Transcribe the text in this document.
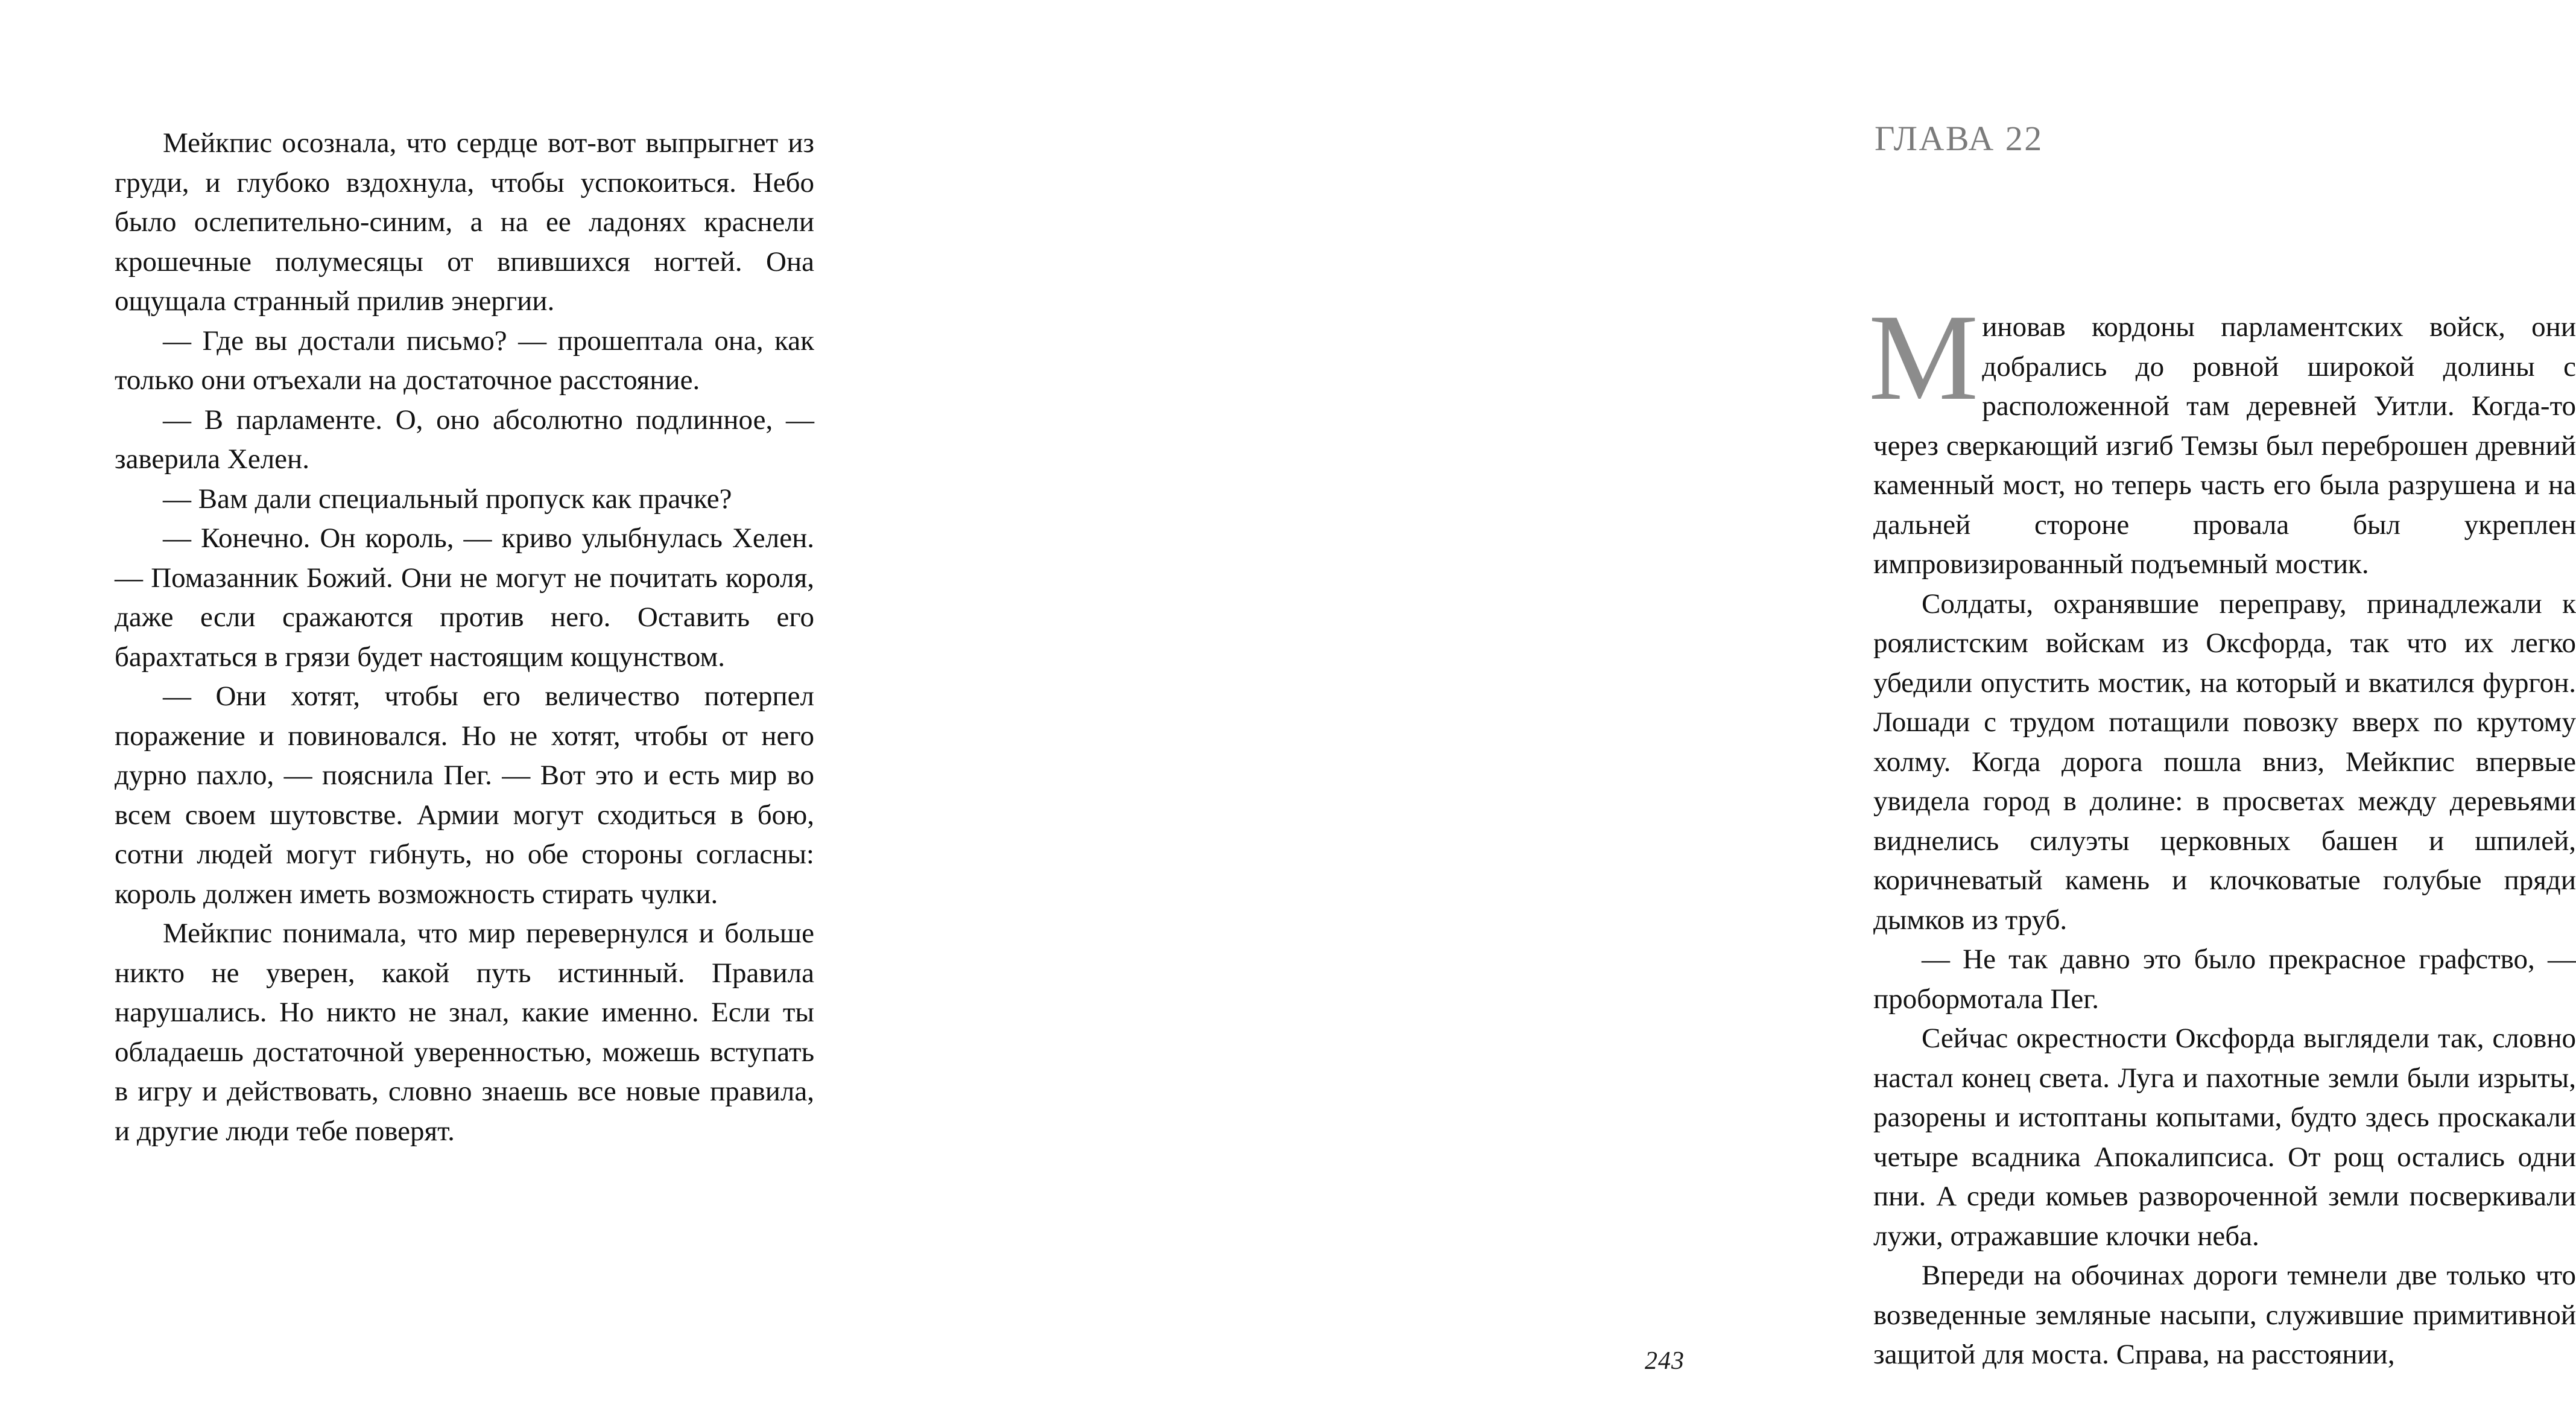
Мейкпис осознала, что сердце вот-вот выпрыгнет из груди, и глубоко вздохнула, чтобы успокоиться. Небо было ослепительно-синим, а на ее ладонях краснели крошечные полумесяцы от впившихся ногтей. Она ощущала странный прилив энергии.

— Где вы достали письмо? — прошептала она, как только они отъехали на достаточное расстояние.

— В парламенте. О, оно абсолютно подлинное, — заверила Хелен.

— Вам дали специальный пропуск как прачке?

— Конечно. Он король, — криво улыбнулась Хелен. — Помазанник Божий. Они не могут не почитать короля, даже если сражаются против него. Оставить его барахтаться в грязи будет настоящим кощунством.

— Они хотят, чтобы его величество потерпел поражение и повиновался. Но не хотят, чтобы от него дурно пахло, — пояснила Пег. — Вот это и есть мир во всем своем шутовстве. Армии могут сходиться в бою, сотни людей могут гибнуть, но обе стороны согласны: король должен иметь возможность стирать чулки.

Мейкпис понимала, что мир перевернулся и больше никто не уверен, какой путь истинный. Правила нарушались. Но никто не знал, какие именно. Если ты обладаешь достаточной уверенностью, можешь вступать в игру и действовать, словно знаешь все новые правила, и другие люди тебе поверят.

ГЛАВА 22

Миновав кордоны парламентских войск, они добрались до ровной широкой долины с расположенной там деревней Уитли. Когда-то через сверкающий изгиб Темзы был переброшен древний каменный мост, но теперь часть его была разрушена и на дальней стороне провала был укреплен импровизированный подъемный мостик.

Солдаты, охранявшие переправу, принадлежали к роялистским войскам из Оксфорда, так что их легко убедили опустить мостик, на который и вкатился фургон. Лошади с трудом потащили повозку вверх по крутому холму. Когда дорога пошла вниз, Мейкпис впервые увидела город в долине: в просветах между деревьями виднелись силуэты церковных башен и шпилей, коричневатый камень и клочковатые голубые пряди дымков из труб.

— Не так давно это было прекрасное графство, — пробормотала Пег.

Сейчас окрестности Оксфорда выглядели так, словно настал конец света. Луга и пахотные земли были изрыты, разорены и истоптаны копытами, будто здесь проскакали четыре всадника Апокалипсиса. От рощ остались одни пни. А среди комьев развороченной земли посверкивали лужи, отражавшие клочки неба.

Впереди на обочинах дороги темнели две только что возведенные земляные насыпи, служившие примитивной защитой для моста. Справа, на расстоянии,

243
